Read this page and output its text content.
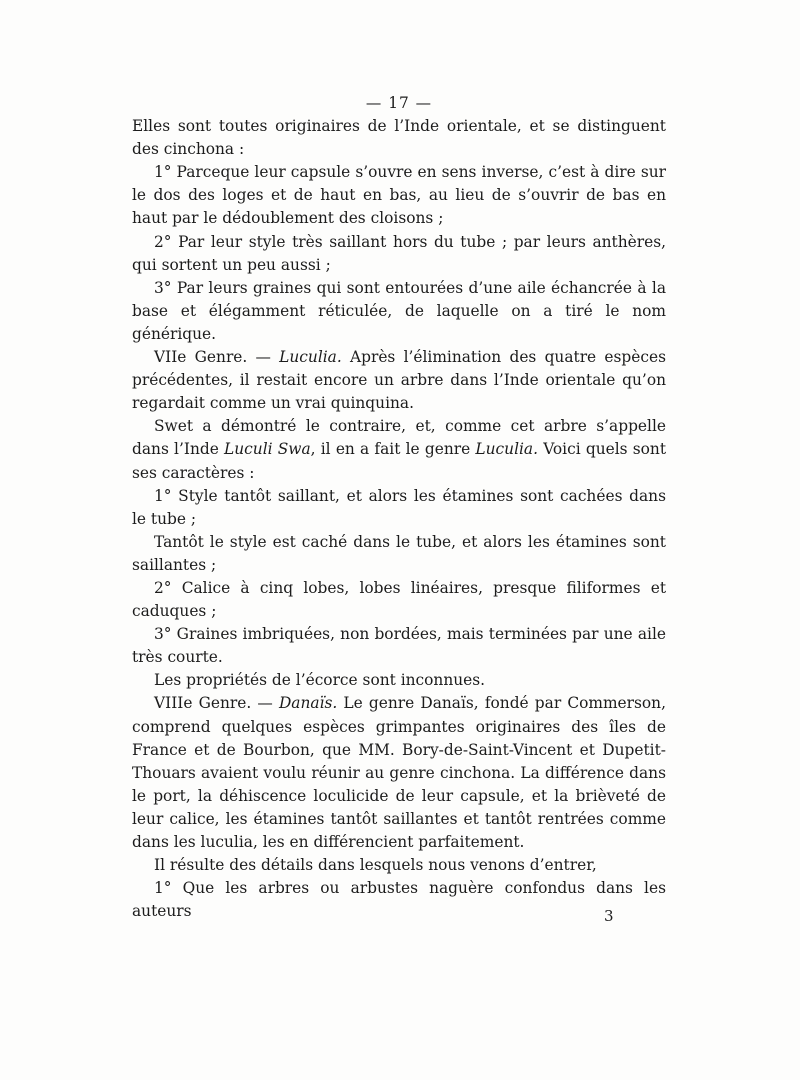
— 17 —

Elles sont toutes originaires de l’Inde orientale, et se distinguent des cinchona :

1° Parceque leur capsule s’ouvre en sens inverse, c’est à dire sur le dos des loges et de haut en bas, au lieu de s’ouvrir de bas en haut par le dédoublement des cloisons ;

2° Par leur style très saillant hors du tube ; par leurs anthères, qui sortent un peu aussi ;

3° Par leurs graines qui sont entourées d’une aile échancrée à la base et élégamment réticulée, de laquelle on a tiré le nom générique.

VIIe Genre. — Luculia. Après l’élimination des quatre espèces précédentes, il restait encore un arbre dans l’Inde orientale qu’on regardait comme un vrai quinquina.

Swet a démontré le contraire, et, comme cet arbre s’appelle dans l’Inde Luculi Swa, il en a fait le genre Luculia. Voici quels sont ses caractères :

1° Style tantôt saillant, et alors les étamines sont cachées dans le tube ;

Tantôt le style est caché dans le tube, et alors les étamines sont saillantes ;

2° Calice à cinq lobes, lobes linéaires, presque filiformes et caduques ;

3° Graines imbriquées, non bordées, mais terminées par une aile très courte.

Les propriétés de l’écorce sont inconnues.

VIIIe Genre. — Danaïs. Le genre Danaïs, fondé par Commerson, comprend quelques espèces grimpantes originaires des îles de France et de Bourbon, que MM. Bory-de-Saint-Vincent et Dupetit-Thouars avaient voulu réunir au genre cinchona. La différence dans le port, la déhiscence loculicide de leur capsule, et la brièveté de leur calice, les étamines tantôt saillantes et tantôt rentrées comme dans les luculia, les en différencient parfaitement.

Il résulte des détails dans lesquels nous venons d’entrer,

1° Que les arbres ou arbustes naguère confondus dans les auteurs	3
